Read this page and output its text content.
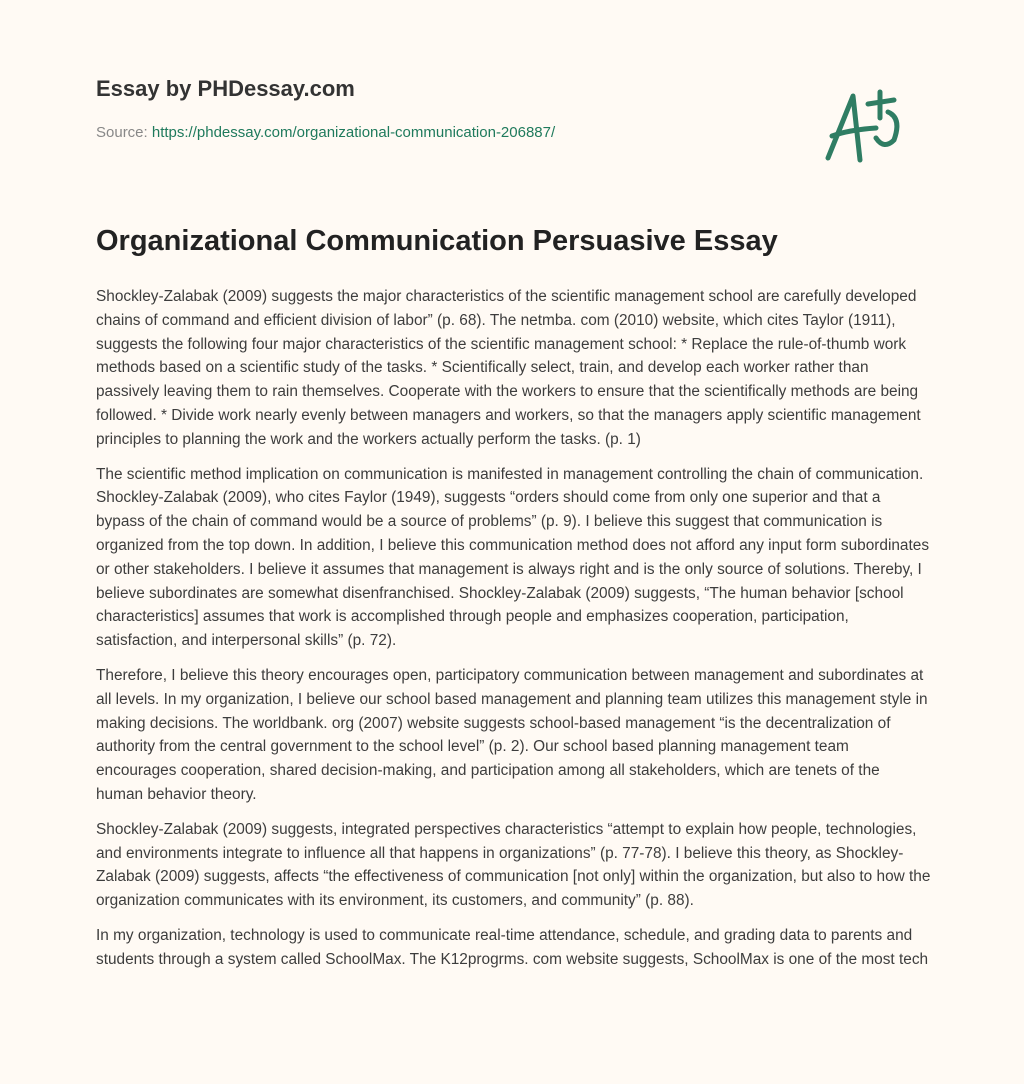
Essay by PHDessay.com
Source: https://phdessay.com/organizational-communication-206887/
Organizational Communication Persuasive Essay

Shockley-Zalabak (2009) suggests the major characteristics of the scientific management school are carefully developed chains of command and efficient division of labor” (p. 68). The netmba. com (2010) website, which cites Taylor (1911), suggests the following four major characteristics of the scientific management school: * Replace the rule-of-thumb work methods based on a scientific study of the tasks. * Scientifically select, train, and develop each worker rather than passively leaving them to rain themselves. Cooperate with the workers to ensure that the scientifically methods are being followed. * Divide work nearly evenly between managers and workers, so that the managers apply scientific management principles to planning the work and the workers actually perform the tasks. (p. 1)

The scientific method implication on communication is manifested in management controlling the chain of communication. Shockley-Zalabak (2009), who cites Faylor (1949), suggests “orders should come from only one superior and that a bypass of the chain of command would be a source of problems” (p. 9). I believe this suggest that communication is organized from the top down. In addition, I believe this communication method does not afford any input form subordinates or other stakeholders. I believe it assumes that management is always right and is the only source of solutions. Thereby, I believe subordinates are somewhat disenfranchised. Shockley-Zalabak (2009) suggests, “The human behavior [school characteristics] assumes that work is accomplished through people and emphasizes cooperation, participation, satisfaction, and interpersonal skills” (p. 72).

Therefore, I believe this theory encourages open, participatory communication between management and subordinates at all levels. In my organization, I believe our school based management and planning team utilizes this management style in making decisions. The worldbank. org (2007) website suggests school-based management “is the decentralization of authority from the central government to the school level” (p. 2). Our school based planning management team encourages cooperation, shared decision-making, and participation among all stakeholders, which are tenets of the human behavior theory.

Shockley-Zalabak (2009) suggests, integrated perspectives characteristics “attempt to explain how people, technologies, and environments integrate to influence all that happens in organizations” (p. 77-78). I believe this theory, as Shockley-Zalabak (2009) suggests, affects “the effectiveness of communication [not only] within the organization, but also to how the organization communicates with its environment, its customers, and community” (p. 88).

In my organization, technology is used to communicate real-time attendance, schedule, and grading data to parents and students through a system called SchoolMax. The K12progrms. com website suggests, SchoolMax is one of the most tech
